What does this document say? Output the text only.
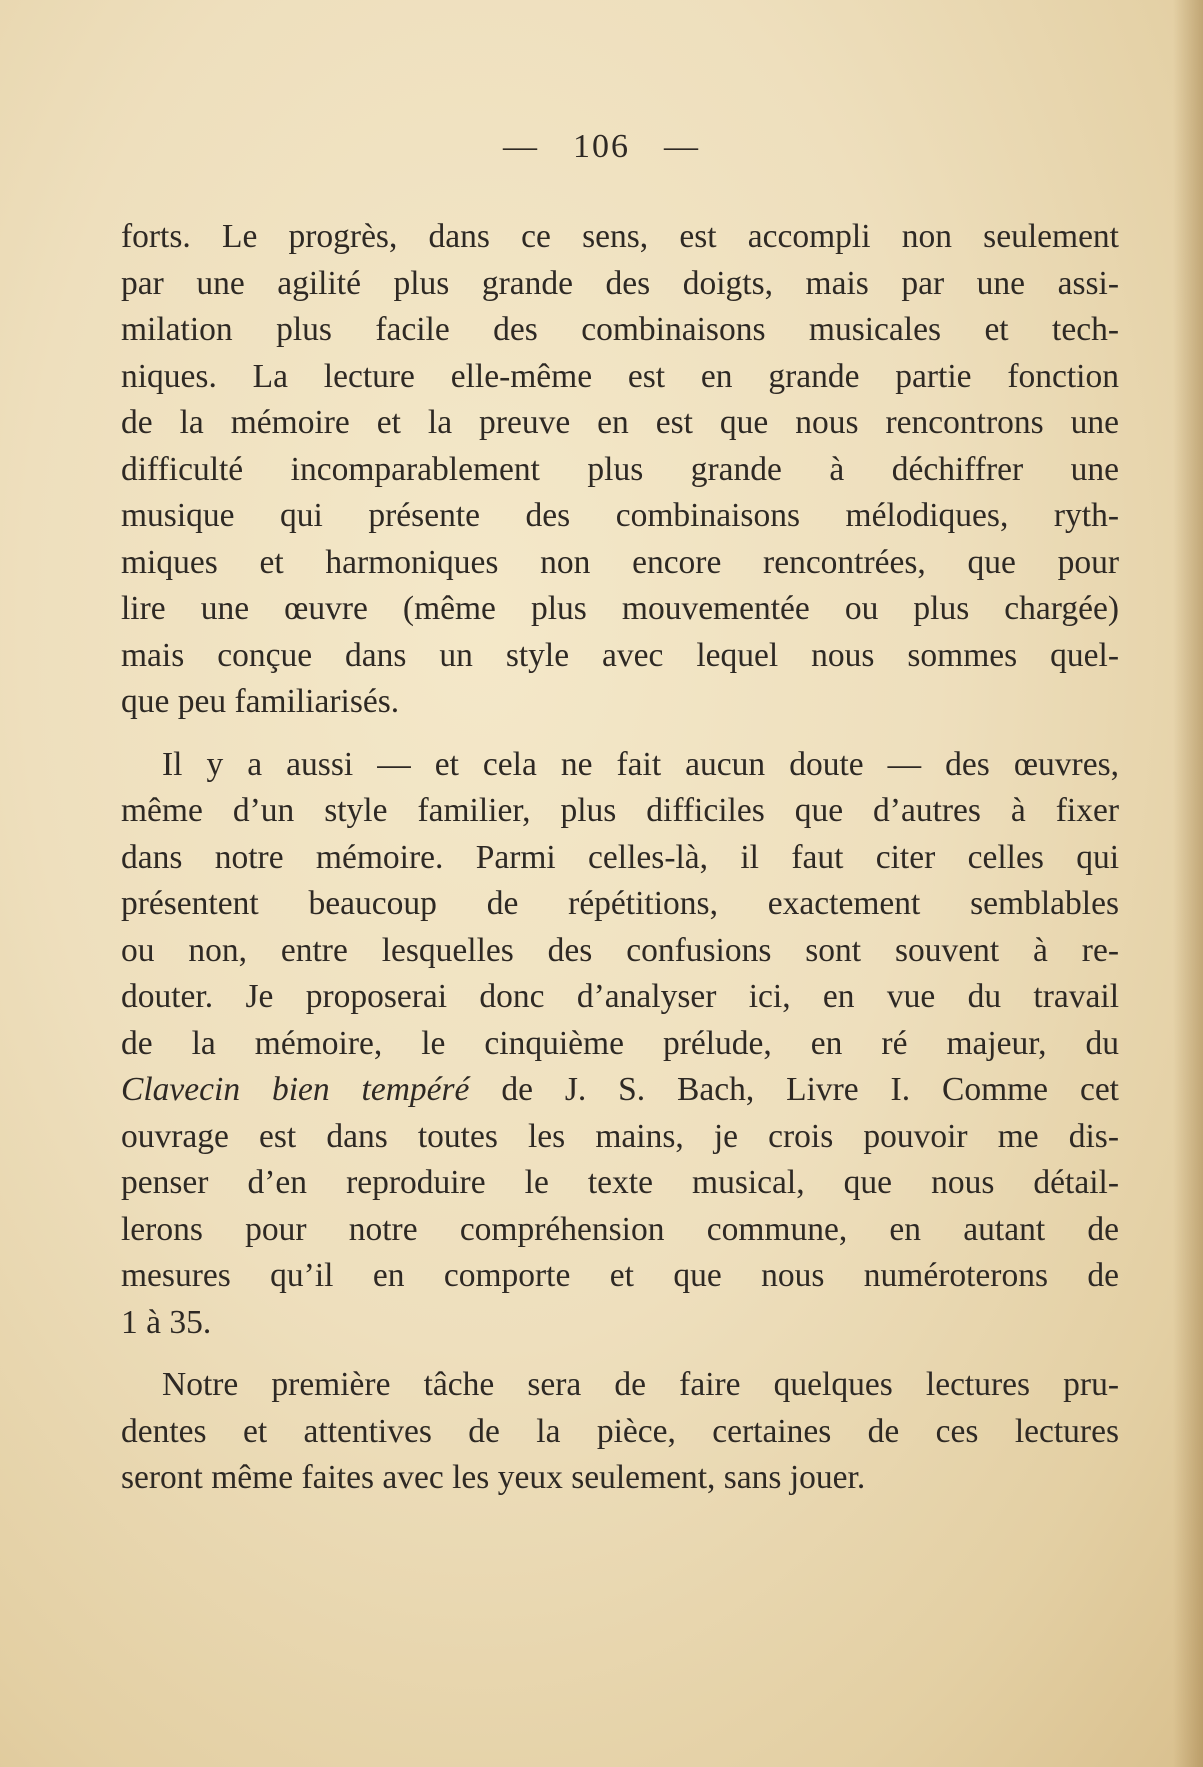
— 106 —
forts. Le progrès, dans ce sens, est accompli non seulement
par une agilité plus grande des doigts, mais par une assi-
milation plus facile des combinaisons musicales et tech-
niques. La lecture elle-même est en grande partie fonction
de la mémoire et la preuve en est que nous rencontrons une
difficulté incomparablement plus grande à déchiffrer une
musique qui présente des combinaisons mélodiques, ryth-
miques et harmoniques non encore rencontrées, que pour
lire une œuvre (même plus mouvementée ou plus chargée)
mais conçue dans un style avec lequel nous sommes quel-
que peu familiarisés.
Il y a aussi — et cela ne fait aucun doute — des œuvres,
même d’un style familier, plus difficiles que d’autres à fixer
dans notre mémoire. Parmi celles-là, il faut citer celles qui
présentent beaucoup de répétitions, exactement semblables
ou non, entre lesquelles des confusions sont souvent à re-
douter. Je proposerai donc d’analyser ici, en vue du travail
de la mémoire, le cinquième prélude, en ré majeur, du
Clavecin bien tempéré de J. S. Bach, Livre I. Comme cet
ouvrage est dans toutes les mains, je crois pouvoir me dis-
penser d’en reproduire le texte musical, que nous détail-
lerons pour notre compréhension commune, en autant de
mesures qu’il en comporte et que nous numéroterons de
1 à 35.
Notre première tâche sera de faire quelques lectures pru-
dentes et attentives de la pièce, certaines de ces lectures
seront même faites avec les yeux seulement, sans jouer.
